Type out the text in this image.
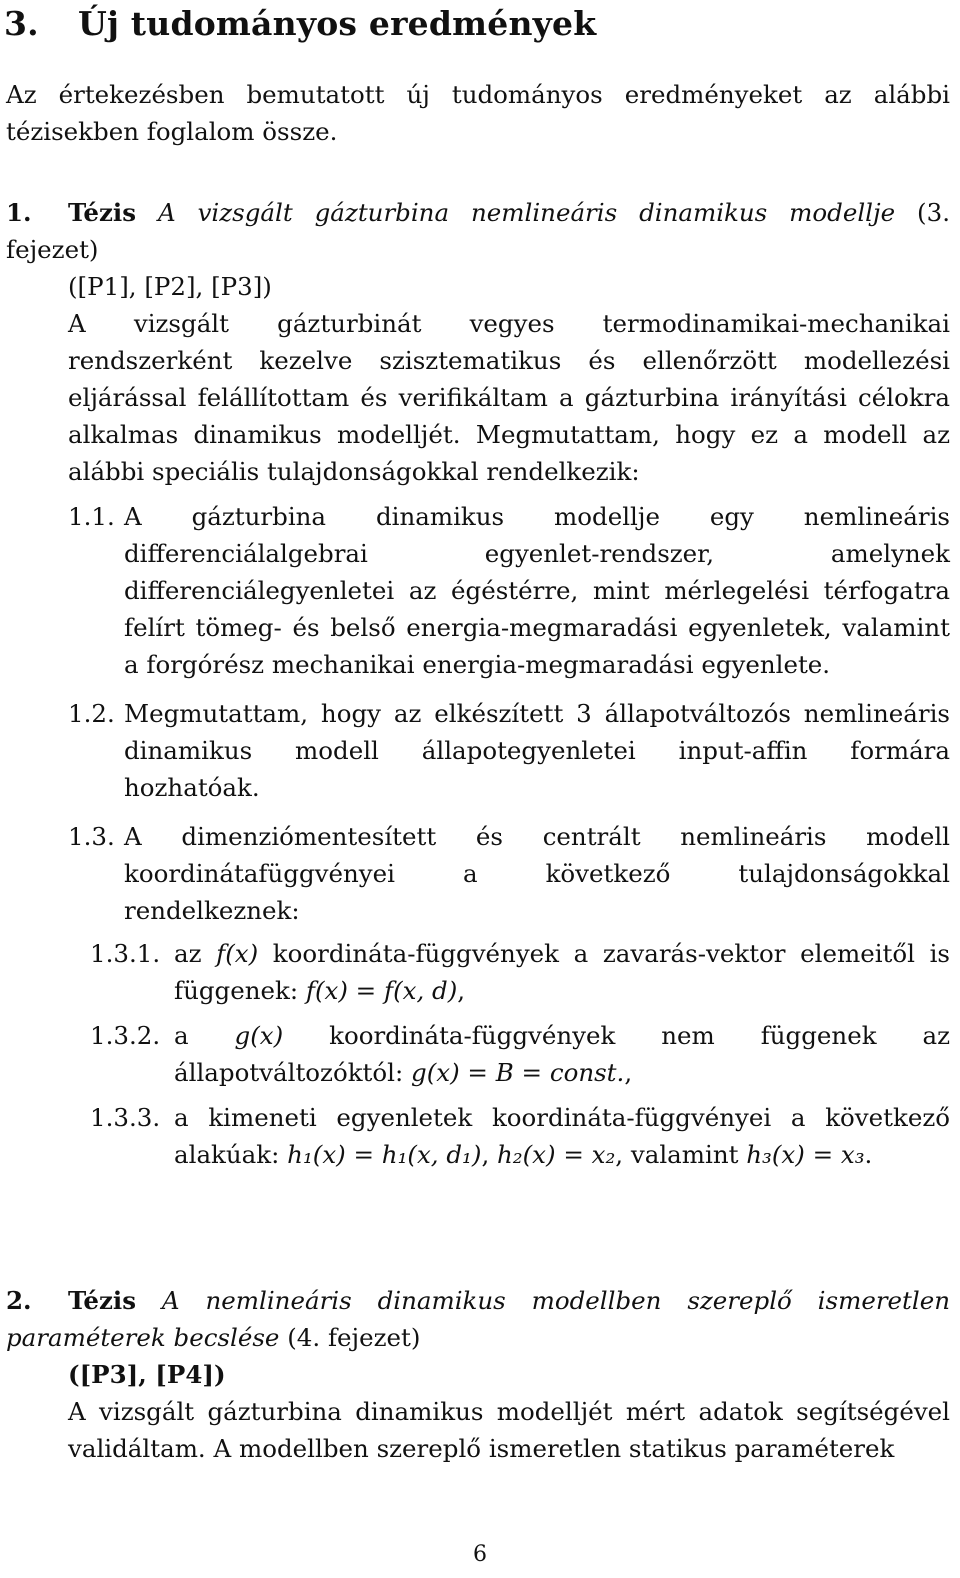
3. Új tudományos eredmények

Az értekezésben bemutatott új tudományos eredményeket az alábbi tézisekben foglalom össze.

1. Tézis A vizsgált gázturbina nemlineáris dinamikus modellje (3. fejezet)
([P1], [P2], [P3])
A vizsgált gázturbinát vegyes termodinamikai-mechanikai rendszerként kezelve szisztematikus és ellenőrzött modellezési eljárással felállítottam és verifikáltam a gázturbina irányítási célokra alkalmas dinamikus modelljét. Megmutattam, hogy ez a modell az alábbi speciális tulajdonságokkal rendelkezik:
1.1. A gázturbina dinamikus modellje egy nemlineáris differenciálalgebrai egyenlet-rendszer, amelynek differenciálegyenletei az égéstérre, mint mérlegelési térfogatra felírt tömeg- és belső energia-megmaradási egyenletek, valamint a forgórész mechanikai energia-megmaradási egyenlete.
1.2. Megmutattam, hogy az elkészített 3 állapotváltozós nemlineáris dinamikus modell állapotegyenletei input-affin formára hozhatóak.
1.3. A dimenziómentesített és centrált nemlineáris modell koordinátafüggvényei a következő tulajdonságokkal rendelkeznek:
1.3.1. az f(x) koordináta-függvények a zavarás-vektor elemeitől is függenek: f(x) = f(x, d),
1.3.2. a g(x) koordináta-függvények nem függenek az állapotváltozóktól: g(x) = B = const.,
1.3.3. a kimeneti egyenletek koordináta-függvényei a következő alakúak: h₁(x) = h₁(x, d₁), h₂(x) = x₂, valamint h₃(x) = x₃.
2. Tézis A nemlineáris dinamikus modellben szereplő ismeretlen paraméterek becslése (4. fejezet)
([P3], [P4])
A vizsgált gázturbina dinamikus modelljét mért adatok segítségével validáltam. A modellben szereplő ismeretlen statikus paraméterek
6
